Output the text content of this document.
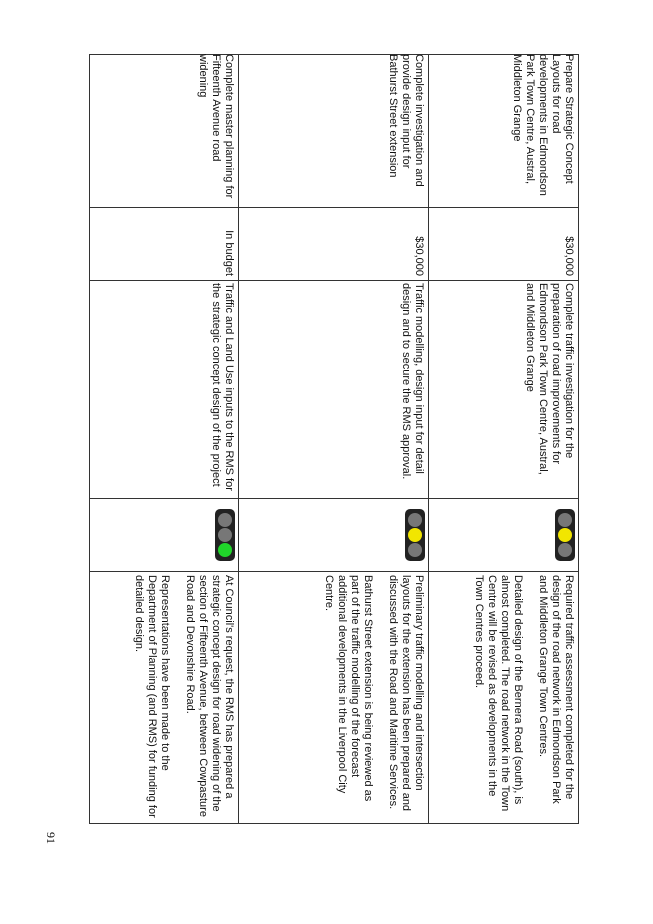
Prepare Strategic Concept Layouts for road developments in Edmondson Park Town Centre, Austral, Middleton Grange

$30,000

Complete traffic investigation for the preparation of road improvements for Edmondson Park Town Centre, Austral, and Middleton Grange

Required traffic assessment completed for the design of the road network in Edmondson Park and Middleton Grange Town Centres.

Detailed design of the Bernera Road (south), is almost completed. The road network in the Town Centre will be revised as developments in the Town Centres proceed.

Complete investigation and provide design input for Bathurst Street extension

$30,000

Traffic modelling, design input for detail design and to secure the RMS approval.

Preliminary traffic modelling and intersection layouts for the extension has been prepared and discussed with the Road and Maritime Services.

Bathurst Street extension is being reviewed as part of the traffic modelling of the forecast additional developments in the Liverpool City Centre.

Complete master planning for Fifteenth Avenue road widening

In budget

Traffic and Land Use inputs to the RMS for the strategic concept design of the project

At Council's request, the RMS has prepared a strategic concept design for road widening of the section of Fifteenth Avenue, between Cowpasture Road and Devonshire Road.

Representations have been made to the Department of Planning (and RMS) for funding for detailed design.

91
